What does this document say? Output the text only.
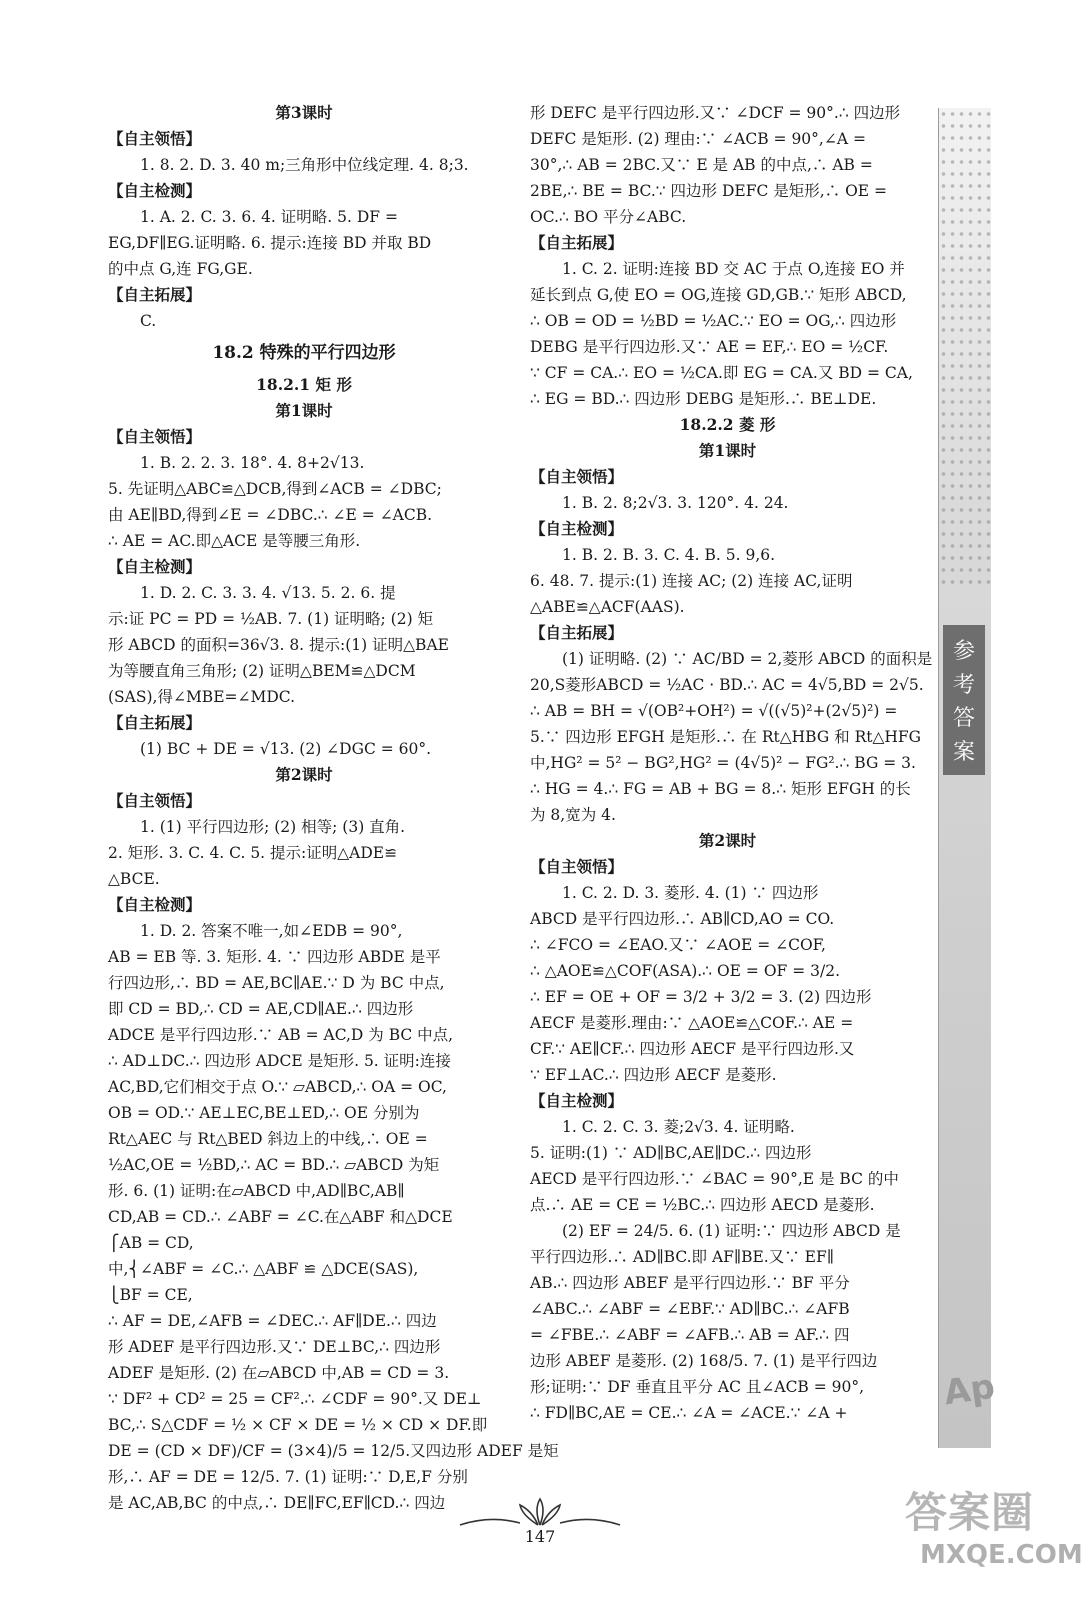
第3课时
【自主领悟】
1. 8. 2. D. 3. 40 m;三角形中位线定理. 4. 8;3.
【自主检测】
1. A. 2. C. 3. 6. 4. 证明略. 5. DF =
EG,DF∥EG.证明略. 6. 提示:连接 BD 并取 BD
的中点 G,连 FG,GE.
【自主拓展】
C.
18.2 特殊的平行四边形
18.2.1 矩 形
第1课时
【自主领悟】
1. B. 2. 2. 3. 18°. 4. 8+2√13.
5. 先证明△ABC≌△DCB,得到∠ACB = ∠DBC;
由 AE∥BD,得到∠E = ∠DBC.∴ ∠E = ∠ACB.
∴ AE = AC.即△ACE 是等腰三角形.
【自主检测】
1. D. 2. C. 3. 3. 4. √13. 5. 2. 6. 提
示:证 PC = PD = ½AB. 7. (1) 证明略; (2) 矩
形 ABCD 的面积=36√3. 8. 提示:(1) 证明△BAE
为等腰直角三角形; (2) 证明△BEM≌△DCM
(SAS),得∠MBE=∠MDC.
【自主拓展】
(1) BC + DE = √13. (2) ∠DGC = 60°.
第2课时
【自主领悟】
1. (1) 平行四边形; (2) 相等; (3) 直角.
2. 矩形. 3. C. 4. C. 5. 提示:证明△ADE≌
△BCE.
【自主检测】
1. D. 2. 答案不唯一,如∠EDB = 90°,
AB = EB 等. 3. 矩形. 4. ∵ 四边形 ABDE 是平
行四边形,∴ BD = AE,BC∥AE.∵ D 为 BC 中点,
即 CD = BD,∴ CD = AE,CD∥AE.∴ 四边形
ADCE 是平行四边形.∵ AB = AC,D 为 BC 中点,
∴ AD⊥DC.∴ 四边形 ADCE 是矩形. 5. 证明:连接
AC,BD,它们相交于点 O.∵ ▱ABCD,∴ OA = OC,
OB = OD.∵ AE⊥EC,BE⊥ED,∴ OE 分别为
Rt△AEC 与 Rt△BED 斜边上的中线,∴ OE =
½AC,OE = ½BD,∴ AC = BD.∴ ▱ABCD 为矩
形. 6. (1) 证明:在▱ABCD 中,AD∥BC,AB∥
CD,AB = CD.∴ ∠ABF = ∠C.在△ABF 和△DCE
⎧AB = CD,
中,⎨∠ABF = ∠C.∴ △ABF ≌ △DCE(SAS),
⎩BF = CE,
∴ AF = DE,∠AFB = ∠DEC.∴ AF∥DE.∴ 四边
形 ADEF 是平行四边形.又∵ DE⊥BC,∴ 四边形
ADEF 是矩形. (2) 在▱ABCD 中,AB = CD = 3.
∵ DF² + CD² = 25 = CF².∴ ∠CDF = 90°.又 DE⊥
BC,∴ S△CDF = ½ × CF × DE = ½ × CD × DF.即
DE = (CD × DF)/CF = (3×4)/5 = 12/5.又四边形 ADEF 是矩
形,∴ AF = DE = 12/5. 7. (1) 证明:∵ D,E,F 分别
是 AC,AB,BC 的中点,∴ DE∥FC,EF∥CD.∴ 四边
形 DEFC 是平行四边形.又∵ ∠DCF = 90°.∴ 四边形
DEFC 是矩形. (2) 理由:∵ ∠ACB = 90°,∠A =
30°,∴ AB = 2BC.又∵ E 是 AB 的中点,∴ AB =
2BE,∴ BE = BC.∵ 四边形 DEFC 是矩形,∴ OE =
OC.∴ BO 平分∠ABC.
【自主拓展】
1. C. 2. 证明:连接 BD 交 AC 于点 O,连接 EO 并
延长到点 G,使 EO = OG,连接 GD,GB.∵ 矩形 ABCD,
∴ OB = OD = ½BD = ½AC.∵ EO = OG,∴ 四边形
DEBG 是平行四边形.又∵ AE = EF,∴ EO = ½CF.
∵ CF = CA.∴ EO = ½CA.即 EG = CA.又 BD = CA,
∴ EG = BD.∴ 四边形 DEBG 是矩形.∴ BE⊥DE.
18.2.2 菱 形
第1课时
【自主领悟】
1. B. 2. 8;2√3. 3. 120°. 4. 24.
【自主检测】
1. B. 2. B. 3. C. 4. B. 5. 9,6.
6. 48. 7. 提示:(1) 连接 AC; (2) 连接 AC,证明
△ABE≌△ACF(AAS).
【自主拓展】
(1) 证明略. (2) ∵ AC/BD = 2,菱形 ABCD 的面积是
20,S菱形ABCD = ½AC · BD.∴ AC = 4√5,BD = 2√5.
∴ AB = BH = √(OB²+OH²) = √((√5)²+(2√5)²) =
5.∵ 四边形 EFGH 是矩形.∴ 在 Rt△HBG 和 Rt△HFG
中,HG² = 5² − BG²,HG² = (4√5)² − FG².∴ BG = 3.
∴ HG = 4.∴ FG = AB + BG = 8.∴ 矩形 EFGH 的长
为 8,宽为 4.
第2课时
【自主领悟】
1. C. 2. D. 3. 菱形. 4. (1) ∵ 四边形
ABCD 是平行四边形.∴ AB∥CD,AO = CO.
∴ ∠FCO = ∠EAO.又∵ ∠AOE = ∠COF,
∴ △AOE≌△COF(ASA).∴ OE = OF = 3/2.
∴ EF = OE + OF = 3/2 + 3/2 = 3. (2) 四边形
AECF 是菱形.理由:∵ △AOE≌△COF.∴ AE =
CF.∵ AE∥CF.∴ 四边形 AECF 是平行四边形.又
∵ EF⊥AC.∴ 四边形 AECF 是菱形.
【自主检测】
1. C. 2. C. 3. 菱;2√3. 4. 证明略.
5. 证明:(1) ∵ AD∥BC,AE∥DC.∴ 四边形
AECD 是平行四边形.∵ ∠BAC = 90°,E 是 BC 的中
点.∴ AE = CE = ½BC.∴ 四边形 AECD 是菱形.
(2) EF = 24/5. 6. (1) 证明:∵ 四边形 ABCD 是
平行四边形.∴ AD∥BC.即 AF∥BE.又∵ EF∥
AB.∴ 四边形 ABEF 是平行四边形.∵ BF 平分
∠ABC.∴ ∠ABF = ∠EBF.∵ AD∥BC.∴ ∠AFB
= ∠FBE.∴ ∠ABF = ∠AFB.∴ AB = AF.∴ 四
边形 ABEF 是菱形. (2) 168/5. 7. (1) 是平行四边
形;证明:∵ DF 垂直且平分 AC 且∠ACB = 90°,
∴ FD∥BC,AE = CE.∴ ∠A = ∠ACE.∵ ∠A +
参
考
答
案
Ap
147	答案圈
MXQE.COM
